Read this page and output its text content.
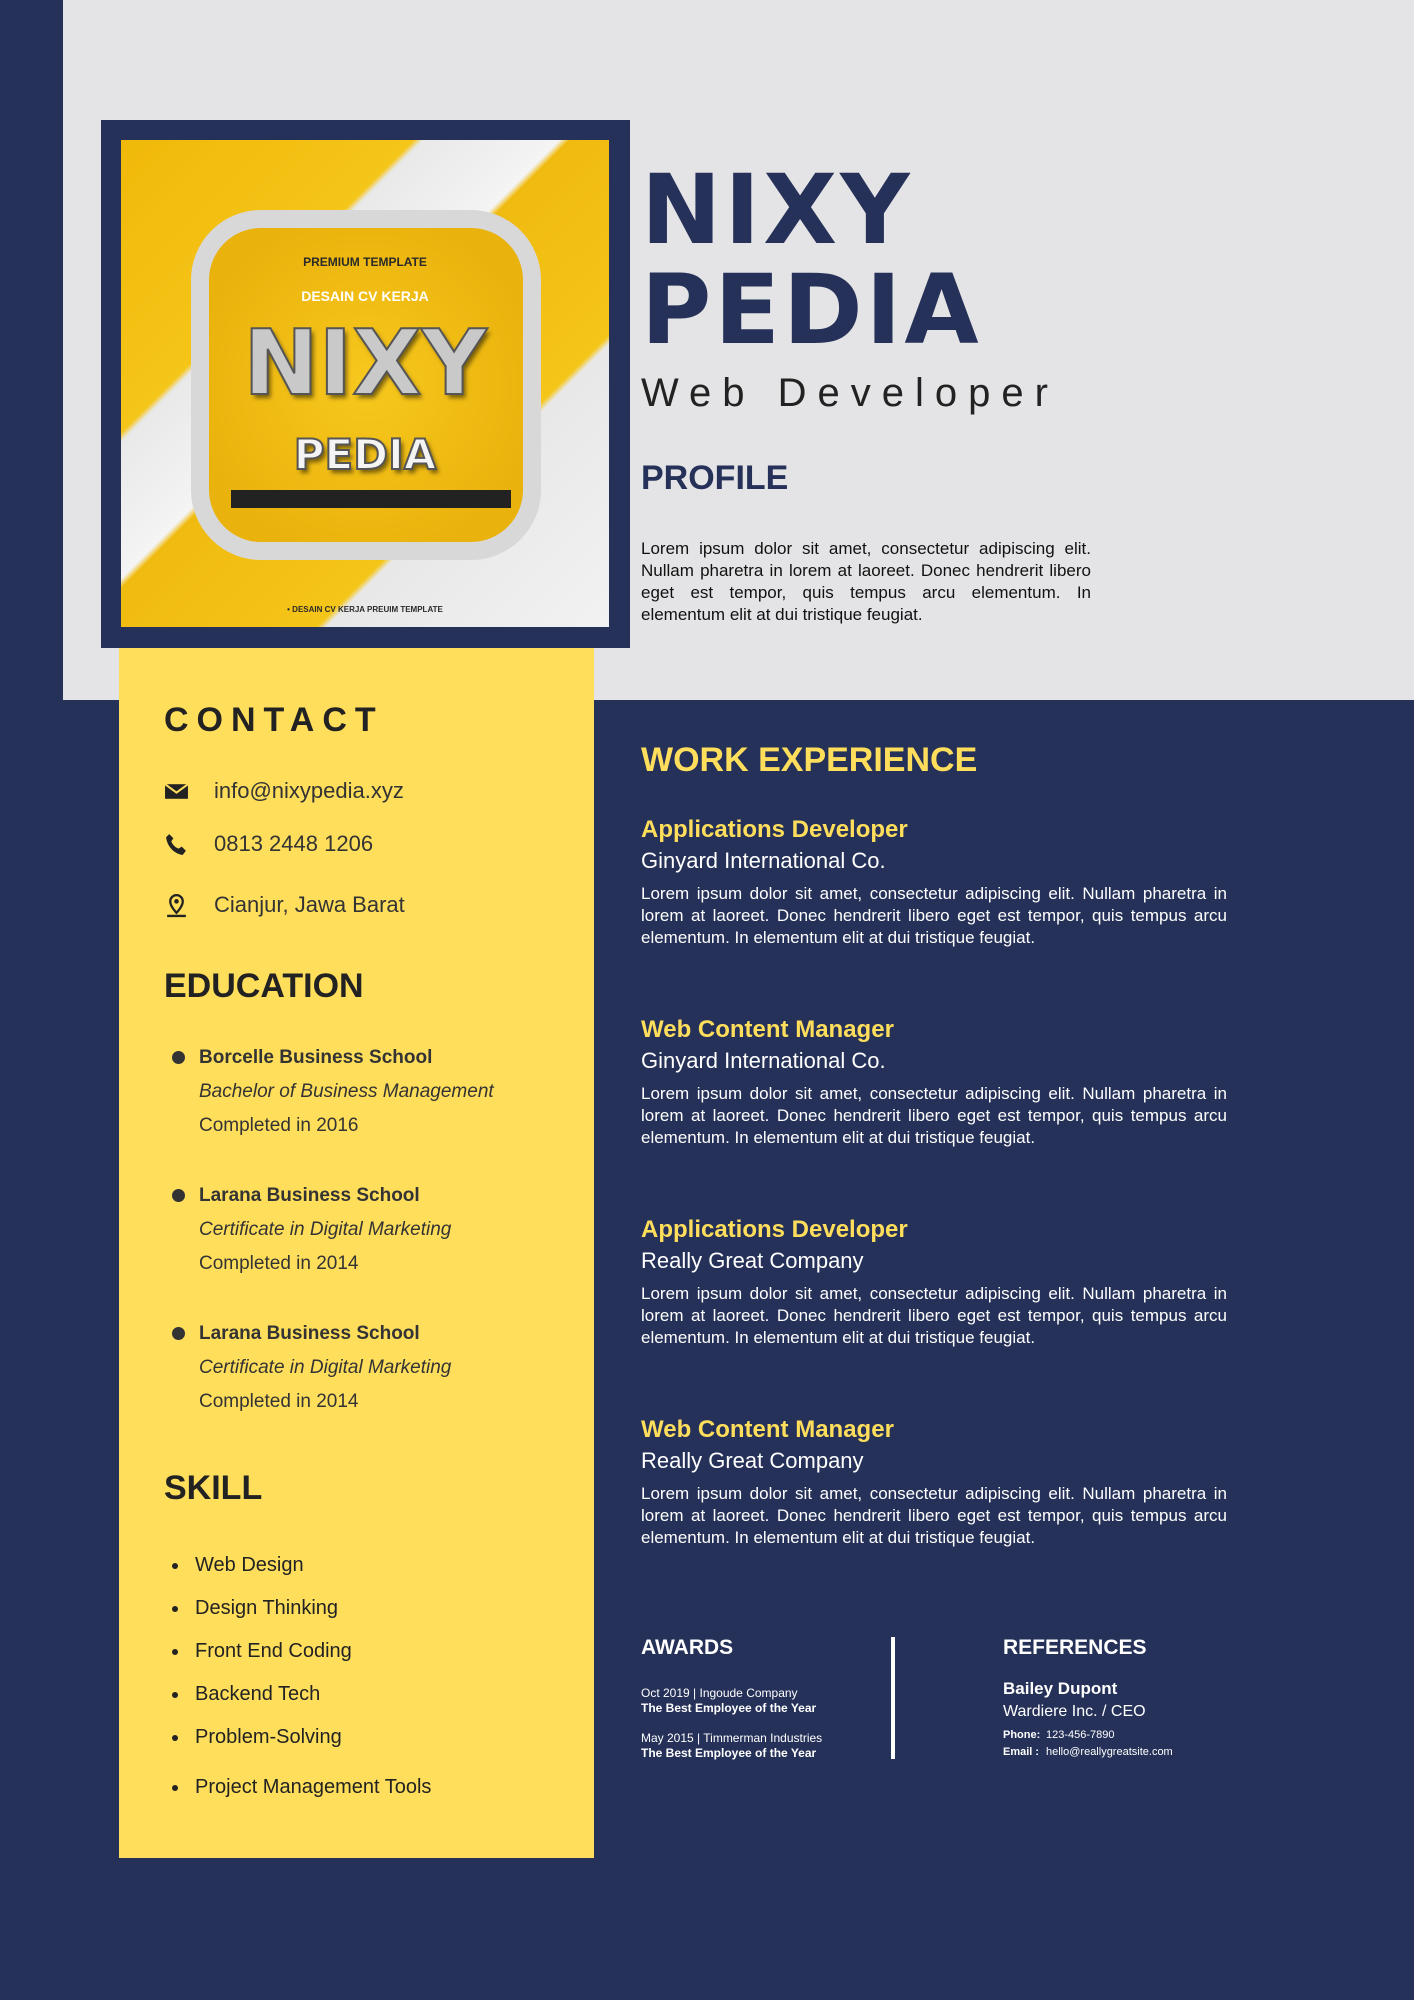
PREMIUM TEMPLATE
DESAIN CV KERJA
NIXY
PEDIA
• DESAIN CV KERJA PREUIM TEMPLATE
NIXY
PEDIA
Web Developer
PROFILE
Lorem ipsum dolor sit amet, consectetur adipiscing elit. Nullam pharetra in lorem at laoreet. Donec hendrerit libero eget est tempor, quis tempus arcu elementum. In elementum elit at dui tristique feugiat.
CONTACT
info@nixypedia.xyz
0813 2448 1206
Cianjur, Jawa Barat
EDUCATION
Borcelle Business School
Bachelor of Business Management
Completed in 2016
Larana Business School
Certificate in Digital Marketing
Completed in 2014
Larana Business School
Certificate in Digital Marketing
Completed in 2014
SKILL
Web Design
Design Thinking
Front End Coding
Backend Tech
Problem-Solving
Project Management Tools
WORK EXPERIENCE
Applications Developer
Ginyard International Co.
Lorem ipsum dolor sit amet, consectetur adipiscing elit. Nullam pharetra in lorem at laoreet. Donec hendrerit libero eget est tempor, quis tempus arcu elementum. In elementum elit at dui tristique feugiat.
Web Content Manager
Ginyard International Co.
Lorem ipsum dolor sit amet, consectetur adipiscing elit. Nullam pharetra in lorem at laoreet. Donec hendrerit libero eget est tempor, quis tempus arcu elementum. In elementum elit at dui tristique feugiat.
Applications Developer
Really Great Company
Lorem ipsum dolor sit amet, consectetur adipiscing elit. Nullam pharetra in lorem at laoreet. Donec hendrerit libero eget est tempor, quis tempus arcu elementum. In elementum elit at dui tristique feugiat.
Web Content Manager
Really Great Company
Lorem ipsum dolor sit amet, consectetur adipiscing elit. Nullam pharetra in lorem at laoreet. Donec hendrerit libero eget est tempor, quis tempus arcu elementum. In elementum elit at dui tristique feugiat.
AWARDS
Oct 2019 | Ingoude Company
The Best Employee of the Year
May 2015 | Timmerman Industries
The Best Employee of the Year
REFERENCES
Bailey Dupont
Wardiere Inc. / CEO
Phone: 123-456-7890
Email : hello@reallygreatsite.com
